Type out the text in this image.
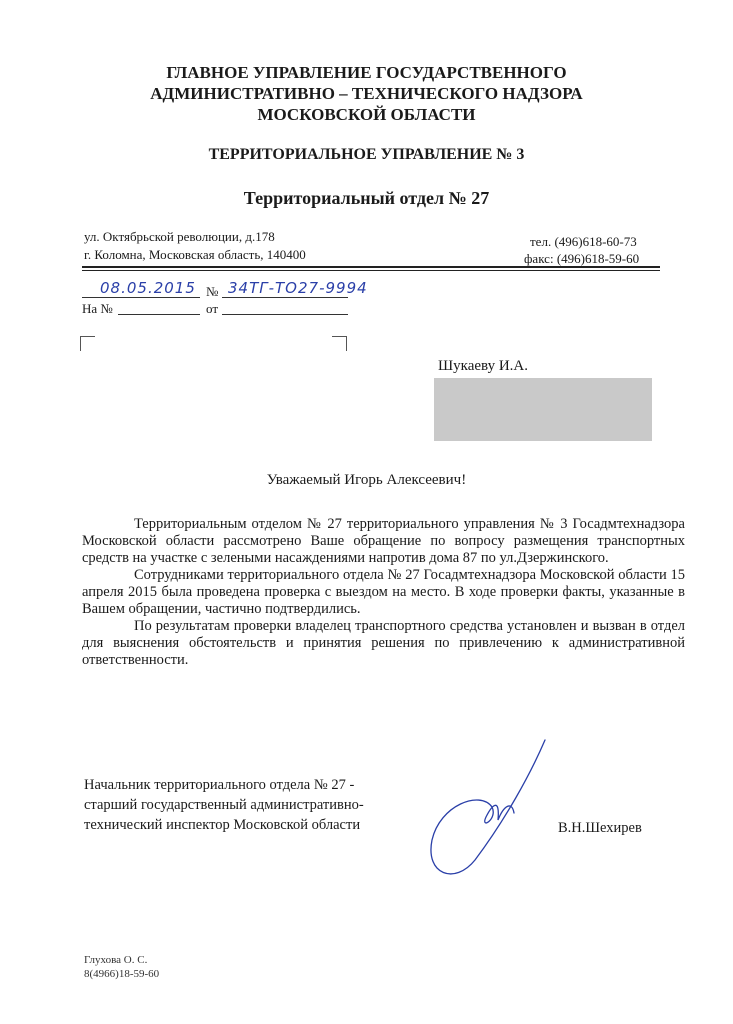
ГЛАВНОЕ УПРАВЛЕНИЕ ГОСУДАРСТВЕННОГО
АДМИНИСТРАТИВНО – ТЕХНИЧЕСКОГО НАДЗОРА
МОСКОВСКОЙ ОБЛАСТИ
ТЕРРИТОРИАЛЬНОЕ УПРАВЛЕНИЕ № 3
Территориальный отдел № 27
ул. Октябрьской революции, д.178
г. Коломна, Московская область, 140400
тел. (496)618-60-73
факс: (496)618-59-60
08.05.2015 № 34ТГ-ТО27-9994
На №	от
Шукаеву И.А.
Уважаемый Игорь Алексеевич!

Территориальным отделом № 27 территориального управления № 3 Госадмтехнадзора Московской области рассмотрено Ваше обращение по вопросу размещения транспортных средств на участке с зелеными насаждениями напротив дома 87 по ул.Дзержинского.

Сотрудниками территориального отдела № 27 Госадмтехнадзора Московской области 15 апреля 2015 была проведена проверка с выездом на место. В ходе проверки факты, указанные в Вашем обращении, частично подтвердились.

По результатам проверки владелец транспортного средства установлен и вызван в отдел для выяснения обстоятельств и принятия решения по привлечению к административной ответственности.

Начальник территориального отдела № 27 -
старший государственный административно-
технический инспектор Московской области	В.Н.Шехирев
Глухова О. С.
8(4966)18-59-60
